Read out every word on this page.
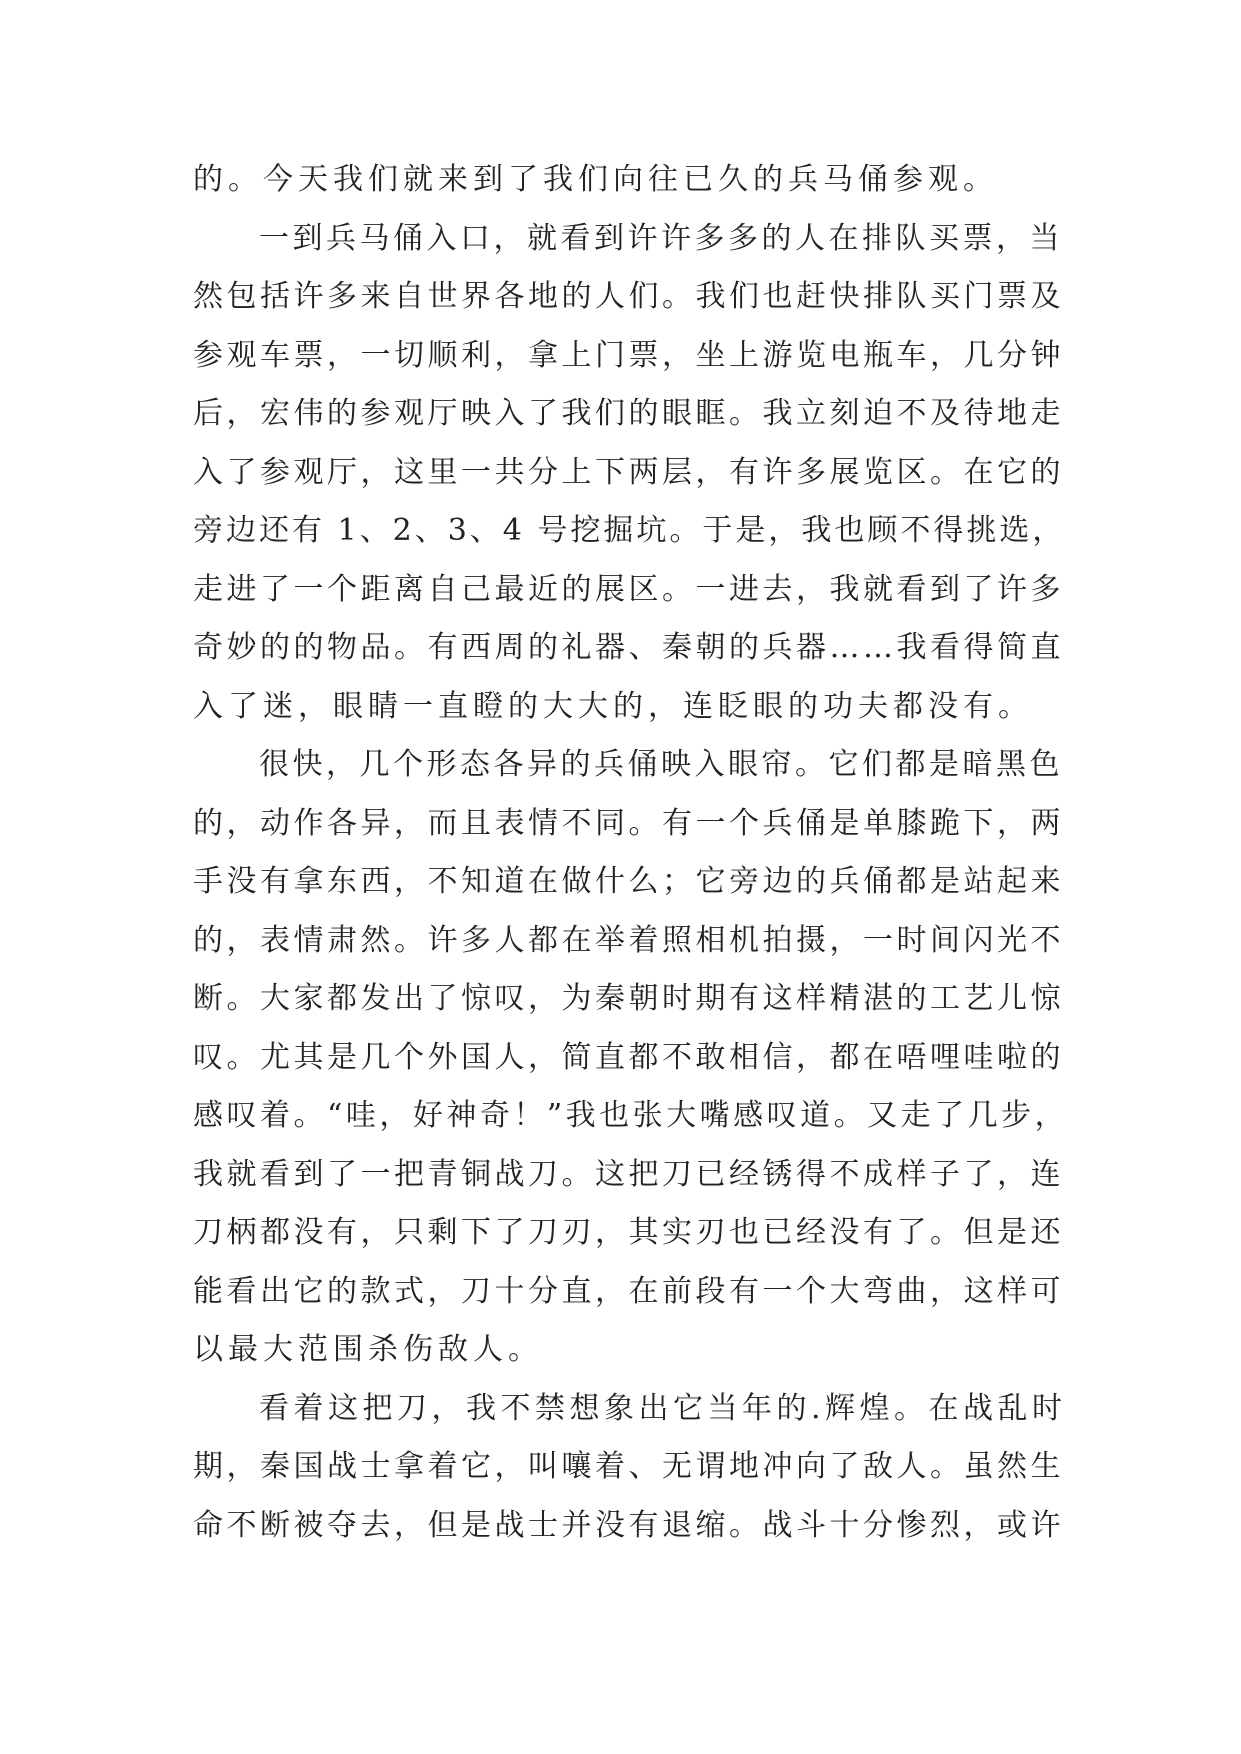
的。今天我们就来到了我们向往已久的兵马俑参观。
一到兵马俑入口，就看到许许多多的人在排队买票，当
然包括许多来自世界各地的人们。我们也赶快排队买门票及
参观车票，一切顺利，拿上门票，坐上游览电瓶车，几分钟
后，宏伟的参观厅映入了我们的眼眶。我立刻迫不及待地走
入了参观厅，这里一共分上下两层，有许多展览区。在它的
旁边还有 1、2、3、4 号挖掘坑。于是，我也顾不得挑选，
走进了一个距离自己最近的展区。一进去，我就看到了许多
奇妙的的物品。有西周的礼器、秦朝的兵器……我看得简直
入了迷，眼睛一直瞪的大大的，连眨眼的功夫都没有。
很快，几个形态各异的兵俑映入眼帘。它们都是暗黑色
的，动作各异，而且表情不同。有一个兵俑是单膝跪下，两
手没有拿东西，不知道在做什么；它旁边的兵俑都是站起来
的，表情肃然。许多人都在举着照相机拍摄，一时间闪光不
断。大家都发出了惊叹，为秦朝时期有这样精湛的工艺儿惊
叹。尤其是几个外国人，简直都不敢相信，都在唔哩哇啦的
感叹着。“哇，好神奇！”我也张大嘴感叹道。又走了几步，
我就看到了一把青铜战刀。这把刀已经锈得不成样子了，连
刀柄都没有，只剩下了刀刃，其实刃也已经没有了。但是还
能看出它的款式，刀十分直，在前段有一个大弯曲，这样可
以最大范围杀伤敌人。
看着这把刀，我不禁想象出它当年的.辉煌。在战乱时
期，秦国战士拿着它，叫嚷着、无谓地冲向了敌人。虽然生
命不断被夺去，但是战士并没有退缩。战斗十分惨烈，或许
